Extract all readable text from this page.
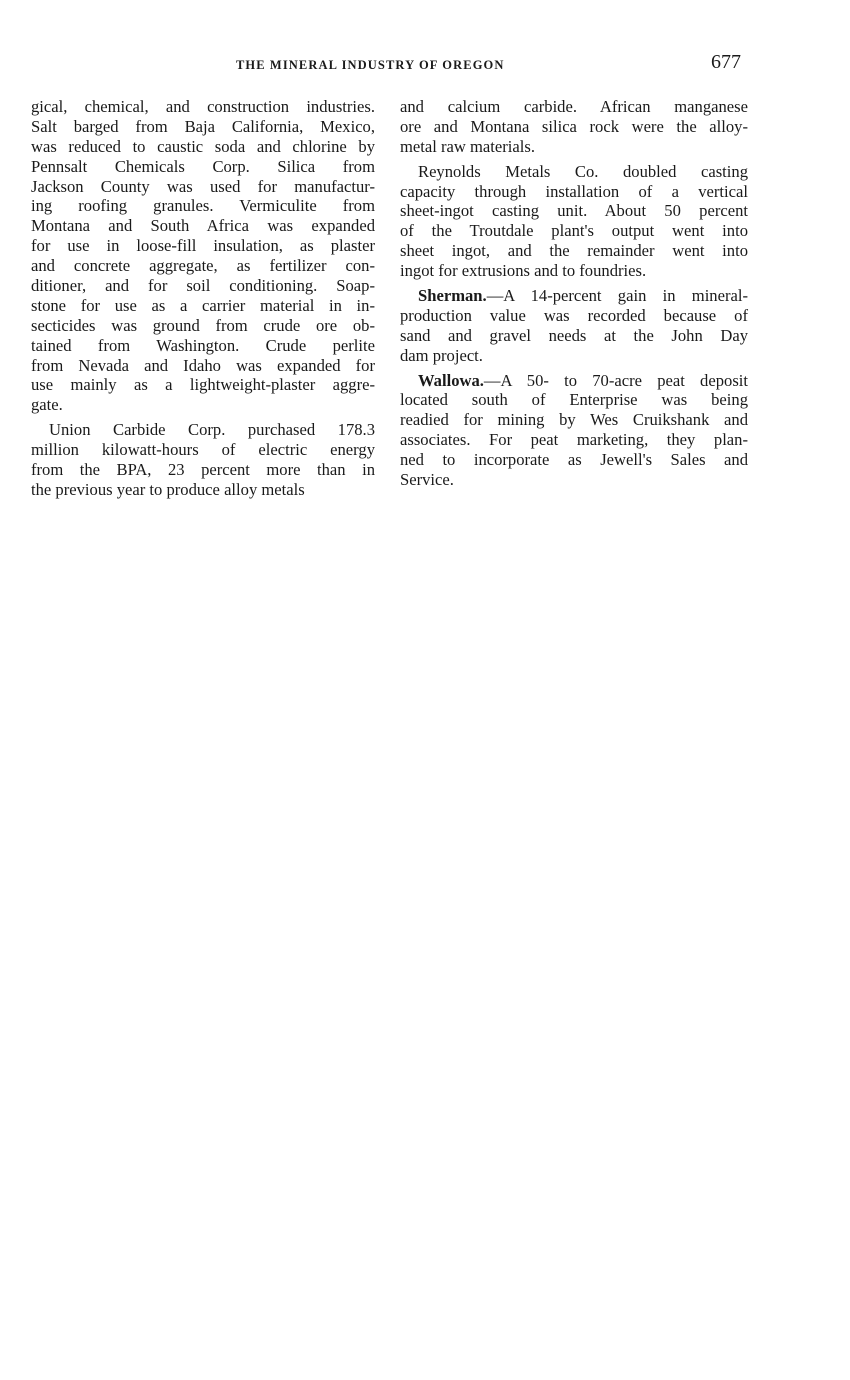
THE MINERAL INDUSTRY OF OREGON	677
gical, chemical, and construction industries.
Salt barged from Baja California, Mexico,
was reduced to caustic soda and chlorine by
Pennsalt Chemicals Corp. Silica from
Jackson County was used for manufactur-
ing roofing granules. Vermiculite from
Montana and South Africa was expanded
for use in loose-fill insulation, as plaster
and concrete aggregate, as fertilizer con-
ditioner, and for soil conditioning. Soap-
stone for use as a carrier material in in-
secticides was ground from crude ore ob-
tained from Washington. Crude perlite
from Nevada and Idaho was expanded for
use mainly as a lightweight-plaster aggre-
gate.
Union Carbide Corp. purchased 178.3
million kilowatt-hours of electric energy
from the BPA, 23 percent more than in
the previous year to produce alloy metals
and calcium carbide. African manganese
ore and Montana silica rock were the alloy-
metal raw materials.
Reynolds Metals Co. doubled casting
capacity through installation of a vertical
sheet-ingot casting unit. About 50 percent
of the Troutdale plant's output went into
sheet ingot, and the remainder went into
ingot for extrusions and to foundries.
Sherman.—A 14-percent gain in mineral-
production value was recorded because of
sand and gravel needs at the John Day
dam project.
Wallowa.—A 50- to 70-acre peat deposit
located south of Enterprise was being
readied for mining by Wes Cruikshank and
associates. For peat marketing, they plan-
ned to incorporate as Jewell's Sales and
Service.
